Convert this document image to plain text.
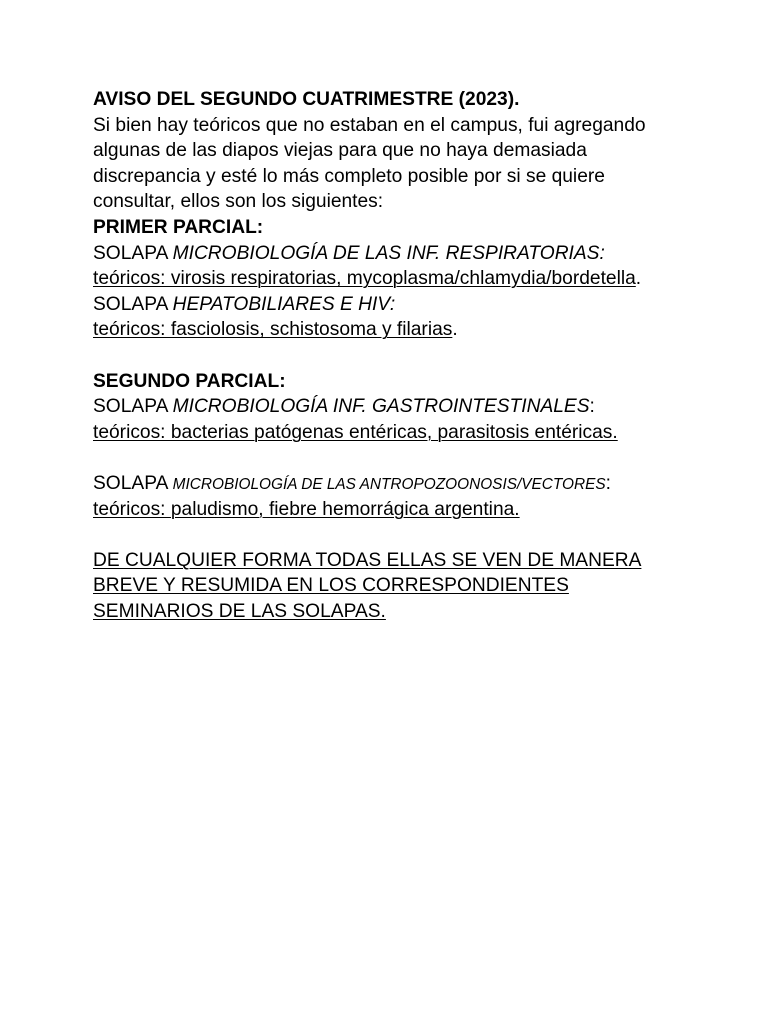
AVISO DEL SEGUNDO CUATRIMESTRE (2023).
Si bien hay teóricos que no estaban en el campus, fui agregando
algunas de las diapos viejas para que no haya demasiada
discrepancia y esté lo más completo posible por si se quiere
consultar, ellos son los siguientes:
PRIMER PARCIAL:
SOLAPA MICROBIOLOGÍA DE LAS INF. RESPIRATORIAS:
teóricos: virosis respiratorias, mycoplasma/chlamydia/bordetella.
SOLAPA HEPATOBILIARES E HIV:
teóricos: fasciolosis, schistosoma y filarias.
SEGUNDO PARCIAL:
SOLAPA MICROBIOLOGÍA INF. GASTROINTESTINALES:
teóricos: bacterias patógenas entéricas, parasitosis entéricas.
SOLAPA MICROBIOLOGÍA DE LAS ANTROPOZOONOSIS/VECTORES:
teóricos: paludismo, fiebre hemorrágica argentina.
DE CUALQUIER FORMA TODAS ELLAS SE VEN DE MANERA
BREVE Y RESUMIDA EN LOS CORRESPONDIENTES
SEMINARIOS DE LAS SOLAPAS.
